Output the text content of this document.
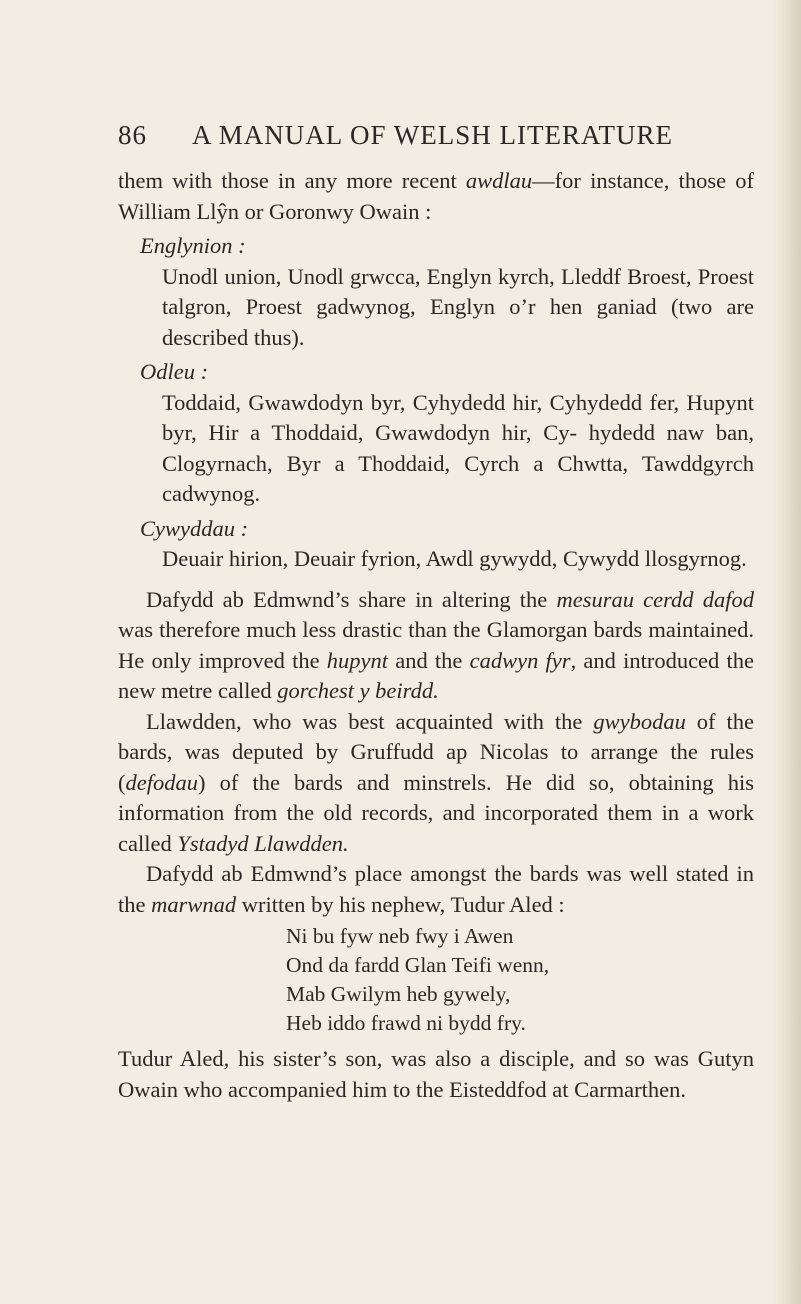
86 A MANUAL OF WELSH LITERATURE

them with those in any more recent awdlau—for instance, those of William Llŷn or Goronwy Owain :

Englynion :
Unodl union, Unodl grwcca, Englyn kyrch, Lleddf Broest, Proest talgron, Proest gadwynog, Englyn o’r hen ganiad (two are described thus).
Odleu :
Toddaid, Gwawdodyn byr, Cyhydedd hir, Cyhydedd fer, Hupynt byr, Hir a Thoddaid, Gwawdodyn hir, Cy- hydedd naw ban, Clogyrnach, Byr a Thoddaid, Cyrch a Chwtta, Tawddgyrch cadwynog.
Cywyddau :
Deuair hirion, Deuair fyrion, Awdl gywydd, Cywydd llosgyrnog.

Dafydd ab Edmwnd’s share in altering the mesurau cerdd dafod was therefore much less drastic than the Glamorgan bards maintained. He only improved the hupynt and the cadwyn fyr, and introduced the new metre called gorchest y beirdd.

Llawdden, who was best acquainted with the gwybodau of the bards, was deputed by Gruffudd ap Nicolas to arrange the rules (defodau) of the bards and minstrels. He did so, obtaining his information from the old records, and incorporated them in a work called Ystadyd Llawdden.

Dafydd ab Edmwnd’s place amongst the bards was well stated in the marwnad written by his nephew, Tudur Aled :

Ni bu fyw neb fwy i Awen
Ond da fardd Glan Teifi wenn,
Mab Gwilym heb gywely,
Heb iddo frawd ni bydd fry.

Tudur Aled, his sister’s son, was also a disciple, and so was Gutyn Owain who accompanied him to the Eisteddfod at Carmarthen.
